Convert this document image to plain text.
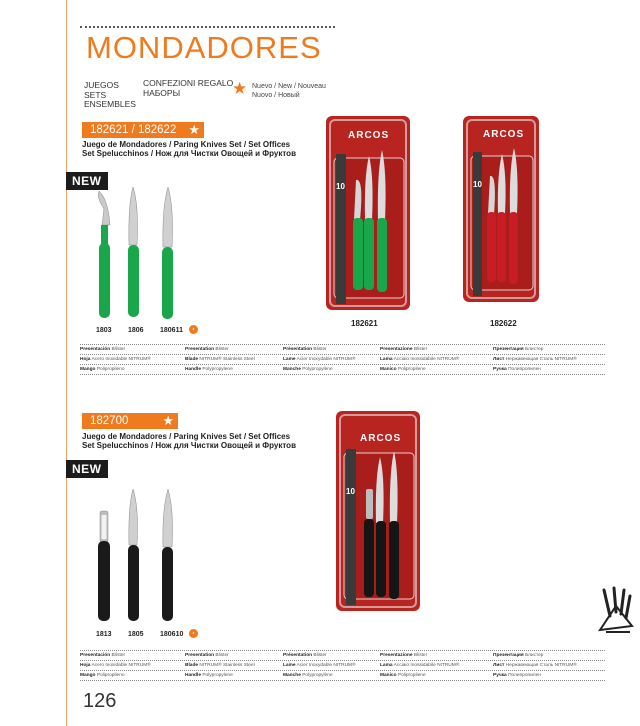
MONDADORES
JUEGOS
SETS
ENSEMBLES
CONFEZIONI REGALO
НАБОРЫ	★ Nuevo / New / Nouveau
Nuovo / Новый
182621 / 182622 ★
Juego de Mondadores / Paring Knives Set / Set Offices
Set Spelucchinos / Нож для Чистки Овощей и Фруктов
NEW
1803 1806 180611	★
ARCOS
10
182621
ARCOS
10
182622
Presentación Blíster	Presentation Blister	Présentation Blister	Presentazione Blister	Презентация Блистер
Hoja Acero Inoxidable NITRUM®	Blade NITRUM® Stainless Steel	Lame Acier Inoxydable NITRUM®	Lama Acciaio Inossidabile NITRUM®	Лист Нержавеющая Сталь NITRUM®
Mango Polipropileno	Handle Polypropylene	Manche Polypropylène	Manico Polipropilene	Ручка Полипропилен
182700	★
Juego de Mondadores / Paring Knives Set / Set Offices
Set Spelucchinos / Нож для Чистки Овощей и Фруктов
NEW
1813 1805 180610	★
ARCOS
10
Presentación Blíster	Presentation Blister	Présentation Blister	Presentazione Blister	Презентация Блистер
Hoja Acero Inoxidable NITRUM®	Blade NITRUM® Stainless Steel	Lame Acier Inoxydable NITRUM®	Lama Acciaio Inossidabile NITRUM®	Лист Нержавеющая Сталь NITRUM®
Mango Polipropileno	Handle Polypropylene	Manche Polypropylène	Manico Polipropilene	Ручка Полипропилен
126
